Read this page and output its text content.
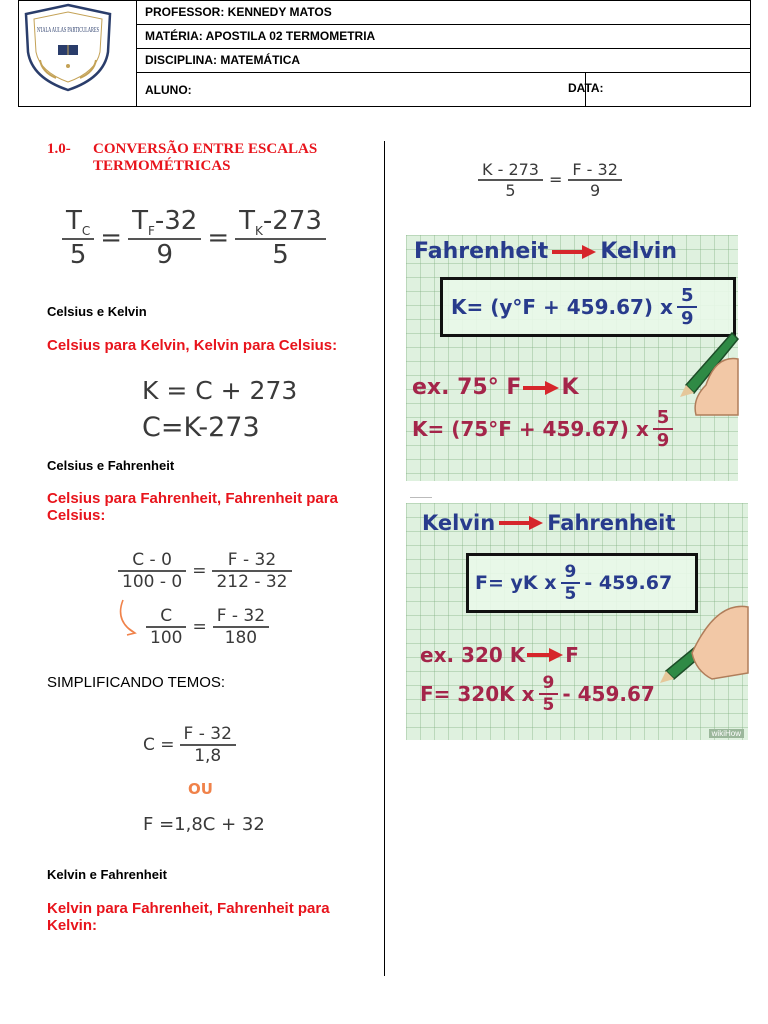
PROFESSOR: KENNEDY MATOS
MATÉRIA: APOSTILA 02 TERMOMETRIA
DISCIPLINA: MATEMÁTICA
ALUNO:	DATA:
N'IALA AULAS PARTICULARES
1.0- CONVERSÃO ENTRE ESCALAS TERMOMÉTRICAS
$\frac{T_C}{5} = \frac{T_F-32}{9} = \frac{T_K-273}{5}$
Celsius e Kelvin
Celsius para Kelvin, Kelvin para Celsius:
K = C + 273
C=K-273
Celsius e Fahrenheit
Celsius para Fahrenheit, Fahrenheit para Celsius:
$\frac{C - 0}{100 - 0} = \frac{F - 32}{212 - 32}$
$\frac{C}{100} = \frac{F - 32}{180}$
SIMPLIFICANDO TEMOS:
$C = \frac{F - 32}{1,8}$
OU
F =1,8C + 32
Kelvin e Fahrenheit
Kelvin para Fahrenheit, Fahrenheit para Kelvin:
$\frac{K - 273}{5} = \frac{F - 32}{9}$
Fahrenheit Kelvin
K= (y°F + 459.67) x $\frac{5}{9}$
ex. 75° F K
K= (75°F + 459.67) x $\frac{5}{9}$
Kelvin Fahrenheit
F= yK x $\frac{9}{5} - 459.67$
ex. 320 K F
F= 320K x $\frac{9}{5} - 459.67$
wikiHow
